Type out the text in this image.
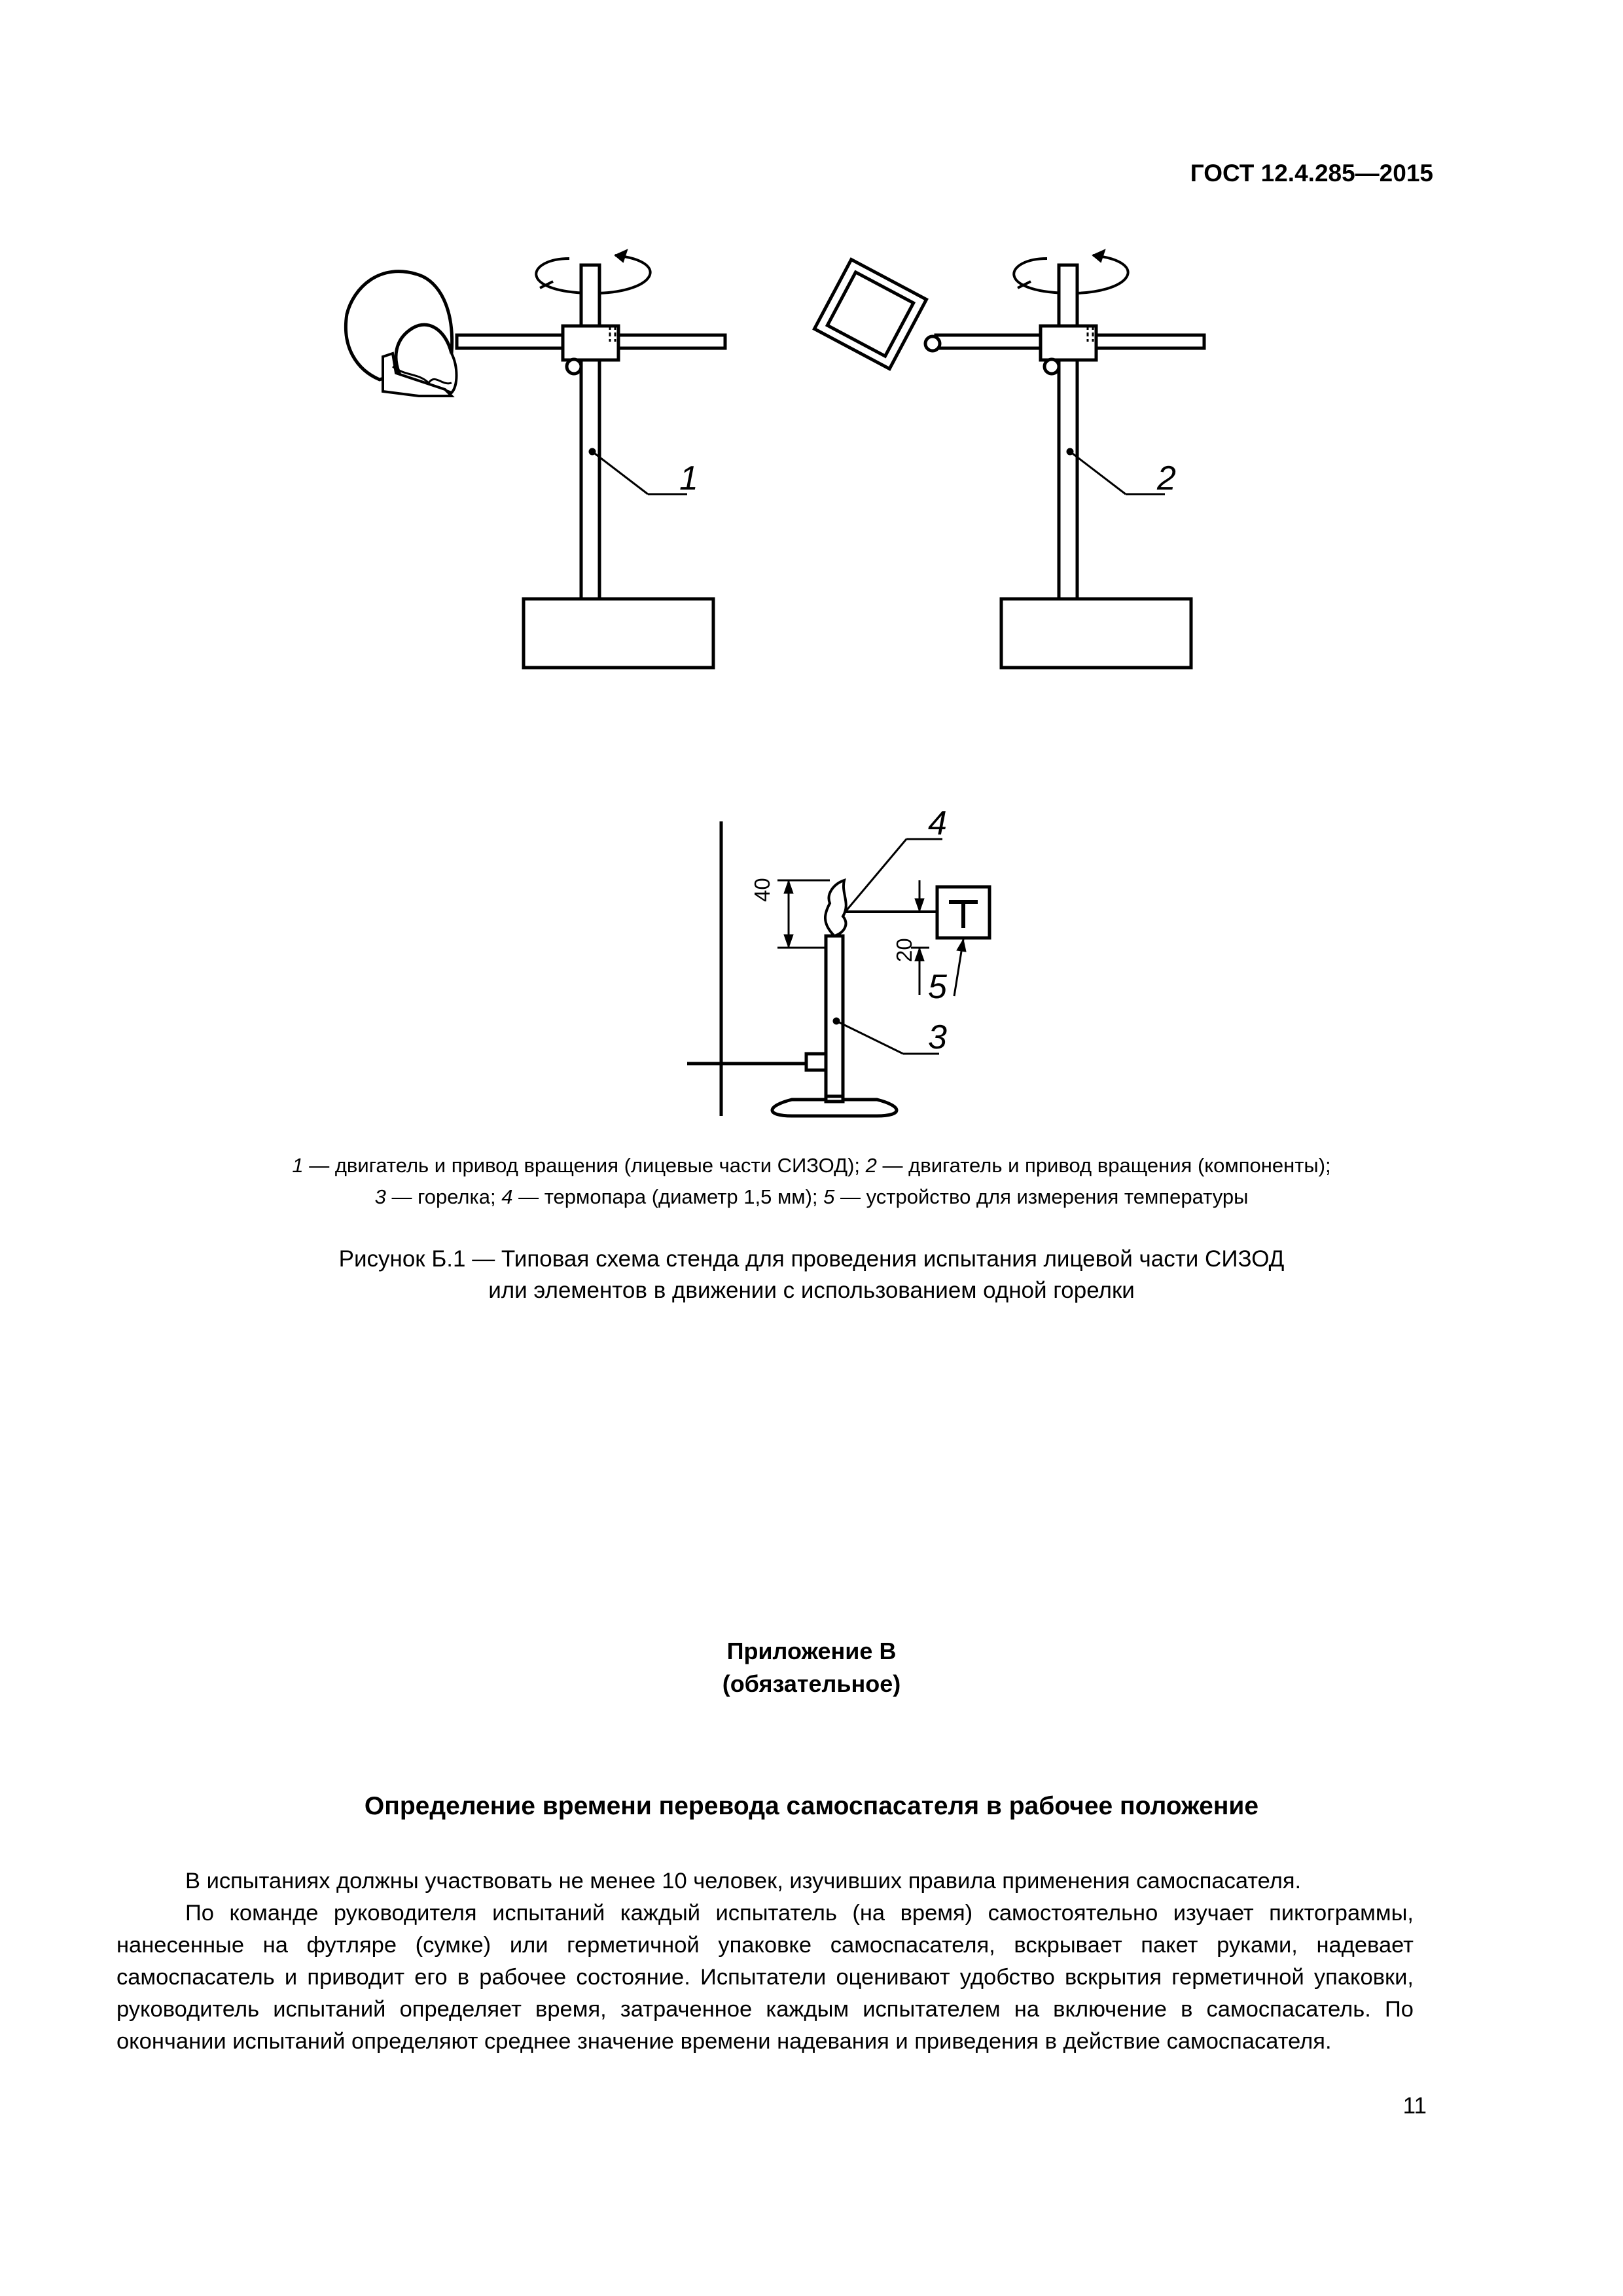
ГОСТ 12.4.285—2015
40
20
1	2
3
4
5
1 — двигатель и привод вращения (лицевые части СИЗОД); 2 — двигатель и привод вращения (компоненты);
3 — горелка; 4 — термопара (диаметр 1,5 мм); 5 — устройство для измерения температуры
Рисунок Б.1 — Типовая схема стенда для проведения испытания лицевой части СИЗОД
или элементов в движении с использованием одной горелки
Приложение В
(обязательное)
Определение времени перевода самоспасателя в рабочее положение

В испытаниях должны участвовать не менее 10 человек, изучивших правила применения самоспасателя.

По команде руководителя испытаний каждый испытатель (на время) самостоятельно изучает пиктограммы, нанесенные на футляре (сумке) или герметичной упаковке самоспасателя, вскрывает пакет руками, надевает самоспасатель и приводит его в рабочее состояние. Испытатели оценивают удобство вскрытия герметичной упаковки, руководитель испытаний определяет время, затраченное каждым испытателем на включение в самоспасатель. По окончании испытаний определяют среднее значение времени надевания и приведения в действие самоспасателя.

11
